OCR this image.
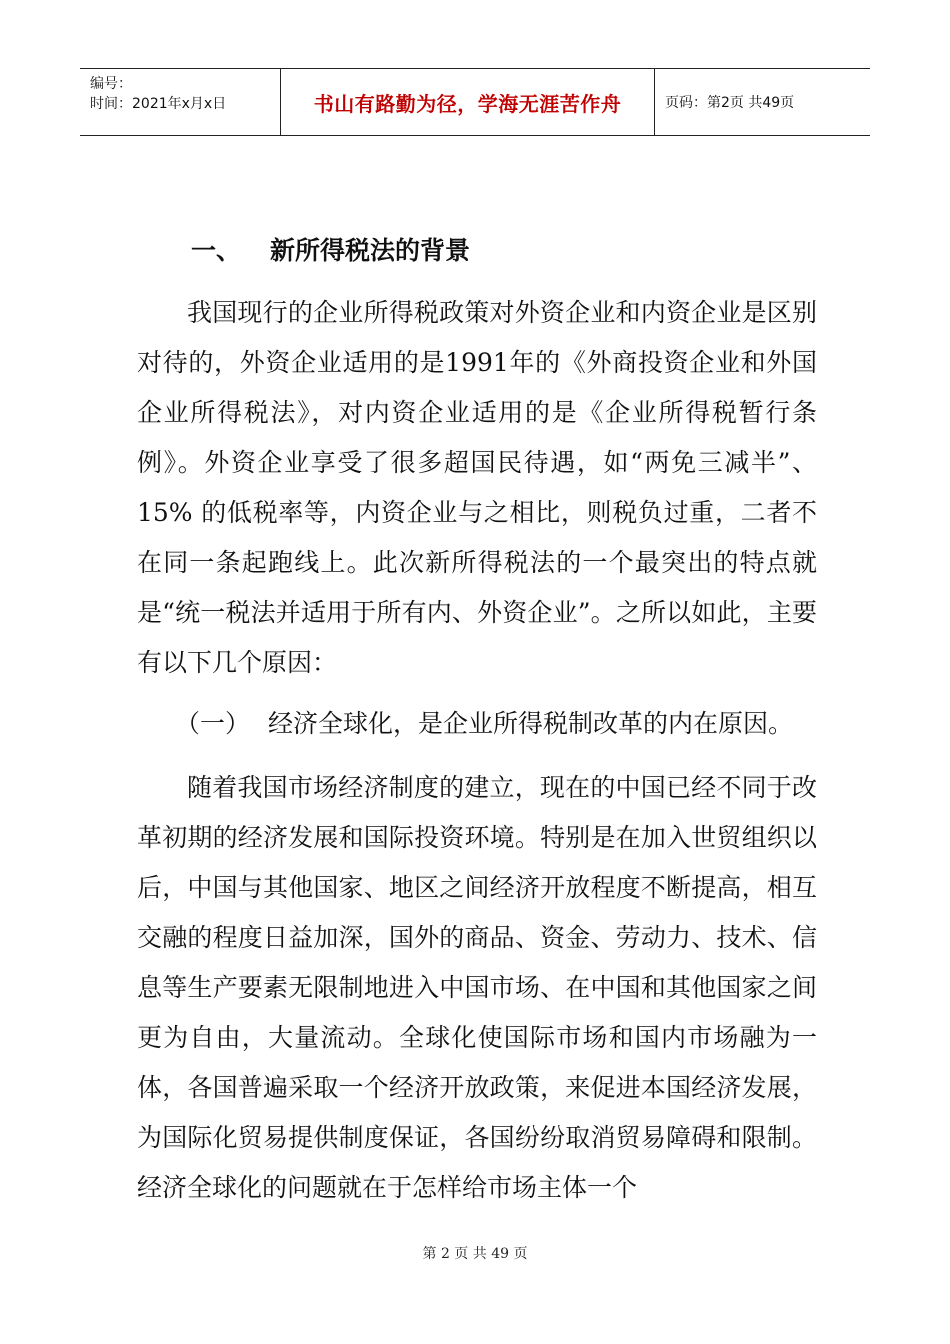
编号：
时间：2021年x月x日	书山有路勤为径，学海无涯苦作舟	页码：第2页 共49页
一、 新所得税法的背景

我国现行的企业所得税政策对外资企业和内资企业是区别对待的，外资企业适用的是1991年的《外商投资企业和外国企业所得税法》，对内资企业适用的是《企业所得税暂行条例》。外资企业享受了很多超国民待遇，如“两免三减半”、15% 的低税率等，内资企业与之相比，则税负过重，二者不在同一条起跑线上。此次新所得税法的一个最突出的特点就是“统一税法并适用于所有内、外资企业”。之所以如此，主要有以下几个原因：

（一） 经济全球化，是企业所得税制改革的内在原因。

随着我国市场经济制度的建立，现在的中国已经不同于改革初期的经济发展和国际投资环境。特别是在加入世贸组织以后，中国与其他国家、地区之间经济开放程度不断提高，相互交融的程度日益加深，国外的商品、资金、劳动力、技术、信息等生产要素无限制地进入中国市场、在中国和其他国家之间更为自由，大量流动。全球化使国际市场和国内市场融为一体，各国普遍采取一个经济开放政策，来促进本国经济发展，为国际化贸易提供制度保证，各国纷纷取消贸易障碍和限制。经济全球化的问题就在于怎样给市场主体一个

第 2 页 共 49 页
